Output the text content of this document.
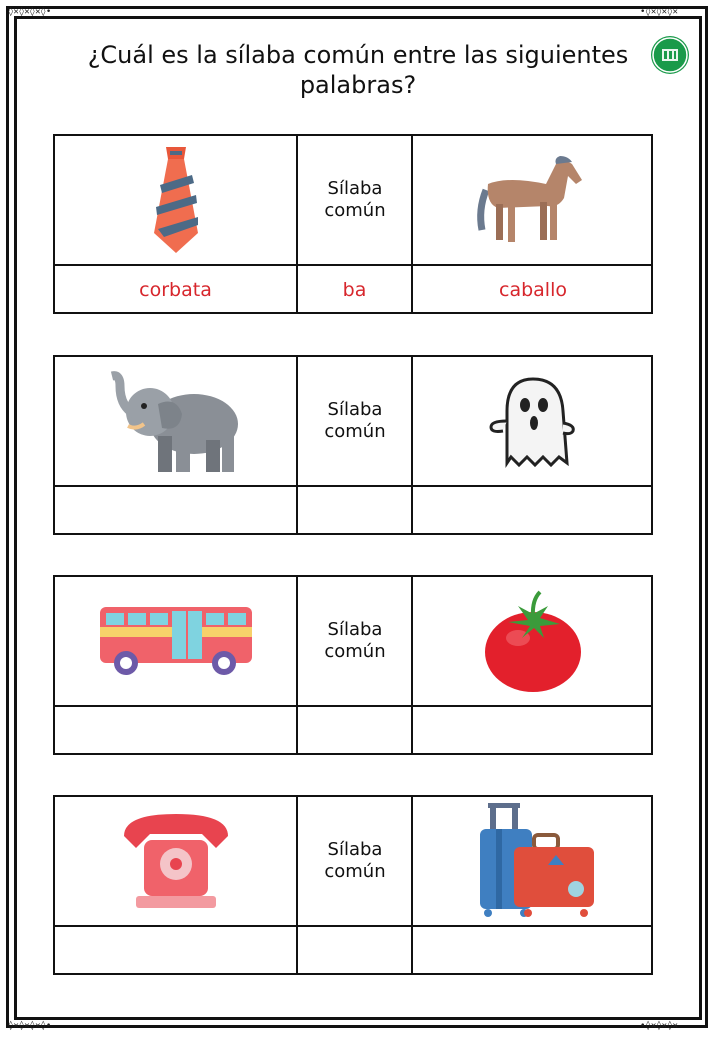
◊✕◊✕◊✕◊•	•◊✕◊✕◊✕
◊✕◊✕◊✕◊•	•◊✕◊✕◊✕
¿Cuál es la sílaba común entre las siguientes palabras?
Sílaba
común
corbata	ba	caballo
Sílaba
común
Sílaba
común
Sílaba
común
